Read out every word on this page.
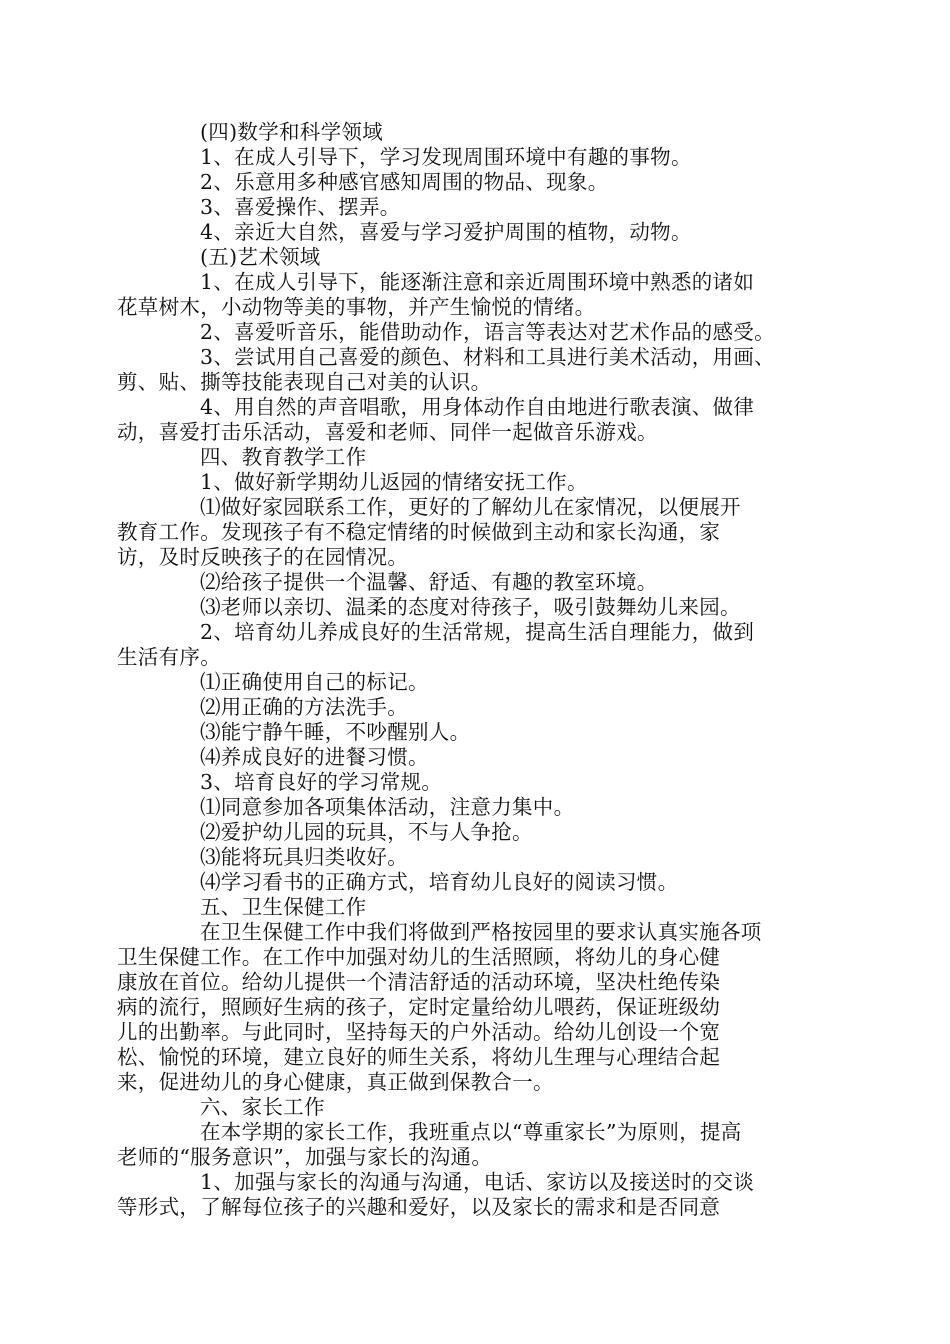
(四)数学和科学领域
1、在成人引导下，学习发现周围环境中有趣的事物。
2、乐意用多种感官感知周围的物品、现象。
3、喜爱操作、摆弄。
4、亲近大自然，喜爱与学习爱护周围的植物，动物。
(五)艺术领域
1、在成人引导下，能逐渐注意和亲近周围环境中熟悉的诸如
花草树木，小动物等美的事物，并产生愉悦的情绪。
2、喜爱听音乐，能借助动作，语言等表达对艺术作品的感受。
3、尝试用自己喜爱的颜色、材料和工具进行美术活动，用画、
剪、贴、撕等技能表现自己对美的认识。
4、用自然的声音唱歌，用身体动作自由地进行歌表演、做律
动，喜爱打击乐活动，喜爱和老师、同伴一起做音乐游戏。
四、教育教学工作
1、做好新学期幼儿返园的情绪安抚工作。
⑴做好家园联系工作，更好的了解幼儿在家情况，以便展开
教育工作。发现孩子有不稳定情绪的时候做到主动和家长沟通，家
访，及时反映孩子的在园情况。
⑵给孩子提供一个温馨、舒适、有趣的教室环境。
⑶老师以亲切、温柔的态度对待孩子，吸引鼓舞幼儿来园。
2、培育幼儿养成良好的生活常规，提高生活自理能力，做到
生活有序。
⑴正确使用自己的标记。
⑵用正确的方法洗手。
⑶能宁静午睡，不吵醒别人。
⑷养成良好的进餐习惯。
3、培育良好的学习常规。
⑴同意参加各项集体活动，注意力集中。
⑵爱护幼儿园的玩具，不与人争抢。
⑶能将玩具归类收好。
⑷学习看书的正确方式，培育幼儿良好的阅读习惯。
五、卫生保健工作
在卫生保健工作中我们将做到严格按园里的要求认真实施各项
卫生保健工作。在工作中加强对幼儿的生活照顾，将幼儿的身心健
康放在首位。给幼儿提供一个清洁舒适的活动环境，坚决杜绝传染
病的流行，照顾好生病的孩子，定时定量给幼儿喂药，保证班级幼
儿的出勤率。与此同时，坚持每天的户外活动。给幼儿创设一个宽
松、愉悦的环境，建立良好的师生关系，将幼儿生理与心理结合起
来，促进幼儿的身心健康，真正做到保教合一。
六、家长工作
在本学期的家长工作，我班重点以“尊重家长”为原则，提高
老师的“服务意识”，加强与家长的沟通。
1、加强与家长的沟通与沟通，电话、家访以及接送时的交谈
等形式，了解每位孩子的兴趣和爱好，以及家长的需求和是否同意
